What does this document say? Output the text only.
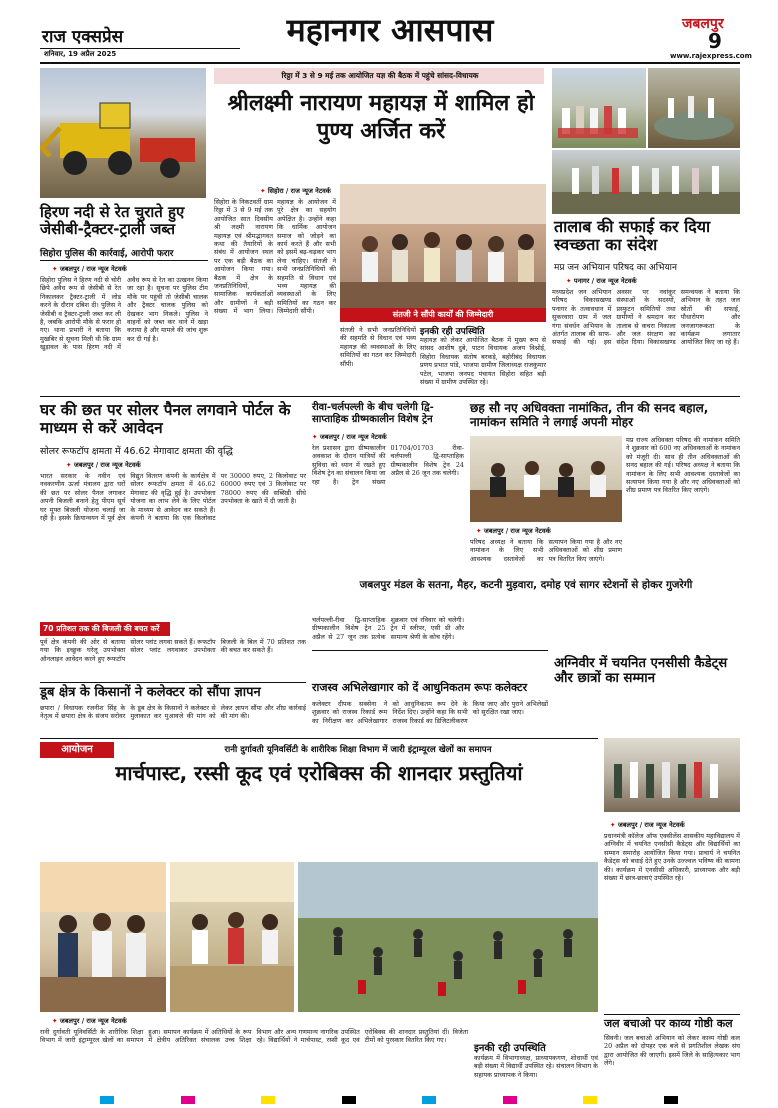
राज एक्सप्रेस
शनिवार, 19 अप्रैल 2025
महानगर आसपास	जबलपुर
9
www.rajexpress.com
हिरण नदी से रेत चुराते हुए जेसीबी-ट्रैक्टर-ट्राली जब्त
सिहोरा पुलिस की कार्रवाई, आरोपी फरार
✦ जबलपुर / राज न्यूज नेटवर्क
सिहोरा पुलिस ने हिरण नदी से चोरी छिपे अवैध रूप से जेसीबी से रेत निकालकर ट्रैक्टर-ट्राली में लोड करने के दौरान दबिश दी। पुलिस ने जेसीबी व ट्रैक्टर-ट्राली जब्त कर ली है, जबकि आरोपी मौके से फरार हो गए। थाना प्रभारी ने बताया कि मुखबिर से सूचना मिली थी कि ग्राम खुड़ावल के पास हिरण नदी में अवैध रूप से रेत का उत्खनन किया जा रहा है। सूचना पर पुलिस टीम मौके पर पहुंची तो जेसीबी चालक और ट्रैक्टर चालक पुलिस को देखकर भाग निकले। पुलिस ने वाहनों को जब्त कर थाने में खड़ा कराया है और मामले की जांच शुरू कर दी गई है।
रिठ्ठा में 3 से 9 मई तक आयोजित यज्ञ की बैठक में पहुंचे सांसद-विधायक
श्रीलक्ष्मी नारायण महायज्ञ में शामिल हो पुण्य अर्जित करें
✦ सिहोरा / राज न्यूज नेटवर्क
सिहोरा के निकटवर्ती ग्राम रिठ्ठा में 3 से 9 मई तक आयोजित सात दिवसीय श्री लक्ष्मी नारायण महायज्ञ एवं श्रीमद्भागवत कथा की तैयारियों के संबंध में आयोजन स्थल पर एक बड़ी बैठक का आयोजन किया गया। बैठक में क्षेत्र के जनप्रतिनिधियों, सामाजिक कार्यकर्ताओं और ग्रामीणों ने बड़ी संख्या में भाग लिया। महायज्ञ के आयोजन में पूरे क्षेत्र का सहयोग अपेक्षित है। उन्होंने कहा कि धार्मिक आयोजन समाज को जोड़ने का कार्य करते हैं और सभी को इसमें बढ़-चढ़कर भाग लेना चाहिए। संतजी ने सभी जनप्रतिनिधियों की सहमति से विधान एवं भव्य महायज्ञ की व्यवस्थाओं के लिए समितियों का गठन कर जिम्मेदारी सौंपी।	संतजी ने सौंपी कार्यों की जिम्मेदारी
इनकी रही उपस्थिति
महायज्ञ को लेकर आयोजित बैठक में मुख्य रूप से सांसद आशीष दुबे, पाटन विधायक अजय विश्नोई, सिहोरा विधायक संतोष बरकड़े, बहोरीबंद विधायक प्रणय प्रभात पांडे, भाजपा ग्रामीण जिलाध्यक्ष राजकुमार पटेल, भाजपा जनपद पंचायत सिहोरा सहित बड़ी संख्या में ग्रामीण उपस्थित रहे।
संतजी ने सभी जनप्रतिनिधियों की सहमति से विधान एवं भव्य महायज्ञ की व्यवस्थाओं के लिए समितियों का गठन कर जिम्मेदारी सौंपी।
तालाब की सफाई कर दिया स्वच्छता का संदेश
मप्र जन अभियान परिषद का अभियान
✦ पनागर / राज न्यूज नेटवर्क
मध्यप्रदेश जन अभियान परिषद विकासखण्ड पनागर के तत्वावधान में सुकरवारा ग्राम में जल गंगा संवर्धन अभियान के अंतर्गत तालाब की साफ-सफाई की गई। इस अवसर पर नवांकुर संस्थाओं के सदस्यों, प्रस्फुटन समितियों तथा ग्रामीणों ने श्रमदान कर तालाब से कचरा निकाला और जल संरक्षण का संदेश दिया। विकासखण्ड समन्वयक ने बताया कि अभियान के तहत जल स्रोतों की सफाई, पौधारोपण और जनजागरूकता के कार्यक्रम लगातार आयोजित किए जा रहे हैं।
घर की छत पर सोलर पैनल लगवाने पोर्टल के माध्यम से करें आवेदन
सोलर रूफटॉप क्षमता में 46.62 मेगावाट क्षमता की वृद्धि
✦ जबलपुर / राज न्यूज नेटवर्क
भारत सरकार के नवीन एवं नवकरणीय ऊर्जा मंत्रालय द्वारा घरों की छत पर सोलर पैनल लगाकर अपनी बिजली बनाने हेतु पीएम सूर्य घर मुफ्त बिजली योजना चलाई जा रही है। इसके क्रियान्वयन में पूर्व क्षेत्र विद्युत वितरण कंपनी के कार्यक्षेत्र में सोलर रूफटॉप क्षमता में 46.62 मेगावाट की वृद्धि हुई है। उपभोक्ता योजना का लाभ लेने के लिए पोर्टल के माध्यम से आवेदन कर सकते हैं। कंपनी ने बताया कि एक किलोवाट पर 30000 रुपए, 2 किलोवाट पर 60000 रुपए एवं 3 किलोवाट पर 78000 रुपए की सब्सिडी सीधे उपभोक्ता के खाते में दी जाती है।
70 प्रतिशत तक की बिजली की बचत करें
पूर्व क्षेत्र कंपनी की ओर से बताया गया कि इच्छुक घरेलू उपभोक्ता ऑनलाइन आवेदन करने हुए रूफटॉप सोलर प्लांट लगवा सकते हैं। रूफटॉप सोलर प्लांट लगवाकर उपभोक्ता बिजली के बिल में 70 प्रतिशत तक की बचत कर सकते हैं।
डूब क्षेत्र के किसानों ने कलेक्टर को सौंपा ज्ञापन
छपारा / विधायक रजनीश सिंह के नेतृत्व में छपारा क्षेत्र के संजय सरोवर के डूब क्षेत्र के किसानों ने कलेक्टर से मुलाकात कर मुआवजे की मांग को लेकर ज्ञापन सौंपा और शीघ्र कार्रवाई की मांग की।
रीवा-चर्लपल्ली के बीच चलेगी द्वि-साप्ताहिक ग्रीष्मकालीन विशेष ट्रेन
✦ जबलपुर / राज न्यूज नेटवर्क
रेल प्रशासन द्वारा ग्रीष्मकालीन अवकाश के दौरान यात्रियों की सुविधा को ध्यान में रखते हुए विशेष ट्रेन का संचालन किया जा रहा है। ट्रेन संख्या 01704/01703 रीवा-चर्लपल्ली द्वि-साप्ताहिक ग्रीष्मकालीन विशेष ट्रेन 24 अप्रैल से 26 जून तक चलेगी।
चर्लपल्ली-रीवा द्वि-साप्ताहिक ग्रीष्मकालीन विशेष ट्रेन 25 अप्रैल से 27 जून तक प्रत्येक शुक्रवार एवं रविवार को चलेगी। ट्रेन में स्लीपर, एसी थ्री और सामान्य श्रेणी के कोच रहेंगे।
छह सौ नए अधिवक्ता नामांकित, तीन की सनद बहाल, नामांकन समिति ने लगाई अपनी मोहर
मप्र राज्य अधिवक्ता परिषद की नामांकन समिति ने शुक्रवार को 600 नए अधिवक्ताओं के नामांकन को मंजूरी दी। साथ ही तीन अधिवक्ताओं की सनद बहाल की गई। परिषद अध्यक्ष ने बताया कि नामांकन के लिए सभी आवश्यक दस्तावेजों का सत्यापन किया गया है और नए अधिवक्ताओं को शीघ्र प्रमाण पत्र वितरित किए जाएंगे।
✦ जबलपुर / राज न्यूज नेटवर्क
परिषद अध्यक्ष ने बताया कि नामांकन के लिए सभी आवश्यक दस्तावेजों का सत्यापन किया गया है और नए अधिवक्ताओं को शीघ्र प्रमाण पत्र वितरित किए जाएंगे।
जबलपुर मंडल के सतना, मैहर, कटनी मुड़वारा, दमोह एवं सागर स्टेशनों से होकर गुजरेगी
राजस्व अभिलेखागार को दें आधुनिकतम रूपः कलेक्टर
कलेक्टर दीपक सक्सेना ने शुक्रवार को राजस्व रिकार्ड रूम का निरीक्षण कर अभिलेखागार को आधुनिकतम रूप देने के निर्देश दिए। उन्होंने कहा कि सभी राजस्व रिकार्ड का डिजिटलीकरण किया जाए और पुराने अभिलेखों को सुरक्षित रखा जाए।
अग्निवीर में चयनित एनसीसी कैडेट्स और छात्रों का सम्मान
✦ जबलपुर / राज न्यूज नेटवर्क
प्रधानमंत्री कॉलेज ऑफ एक्सीलेंस शासकीय महाविद्यालय में अग्निवीर में चयनित एनसीसी कैडेट्स और विद्यार्थियों का सम्मान समारोह आयोजित किया गया। प्राचार्य ने चयनित कैडेट्स को बधाई देते हुए उनके उज्ज्वल भविष्य की कामना की। कार्यक्रम में एनसीसी अधिकारी, प्राध्यापक और बड़ी संख्या में छात्र-छात्राएं उपस्थित रहे।
आयोजन	रानी दुर्गावती यूनिवर्सिटी के शारीरिक शिक्षा विभाग में जारी इंट्राम्यूरल खेलों का समापन
मार्चपास्ट, रस्सी कूद एवं एरोबिक्स की शानदार प्रस्तुतियां
✦ जबलपुर / राज न्यूज नेटवर्क
रानी दुर्गावती यूनिवर्सिटी के शारीरिक शिक्षा विभाग में जारी इंट्राम्यूरल खेलों का समापन हुआ। समापन कार्यक्रम में अतिथियों के रूप में क्षेत्रीय अतिरिक्त संचालक उच्च शिक्षा विभाग और अन्य गणमान्य नागरिक उपस्थित रहे। विद्यार्थियों ने मार्चपास्ट, रस्सी कूद एवं एरोबिक्स की शानदार प्रस्तुतियां दीं। विजेता टीमों को पुरस्कार वितरित किए गए।
इनकी रही उपस्थिति
कार्यक्रम में विभागाध्यक्ष, प्राध्यापकगण, शोधार्थी एवं बड़ी संख्या में विद्यार्थी उपस्थित रहे। संचालन विभाग के सहायक प्राध्यापक ने किया।
जल बचाओ पर काव्य गोष्ठी कल
सिवनी। जल बचाओ अभियान को लेकर काव्य गोष्ठी कल 20 अप्रैल को दोपहर एक बजे से प्रगतिशील लेखक संघ द्वारा आयोजित की जाएगी। इसमें जिले के साहित्यकार भाग लेंगे।
